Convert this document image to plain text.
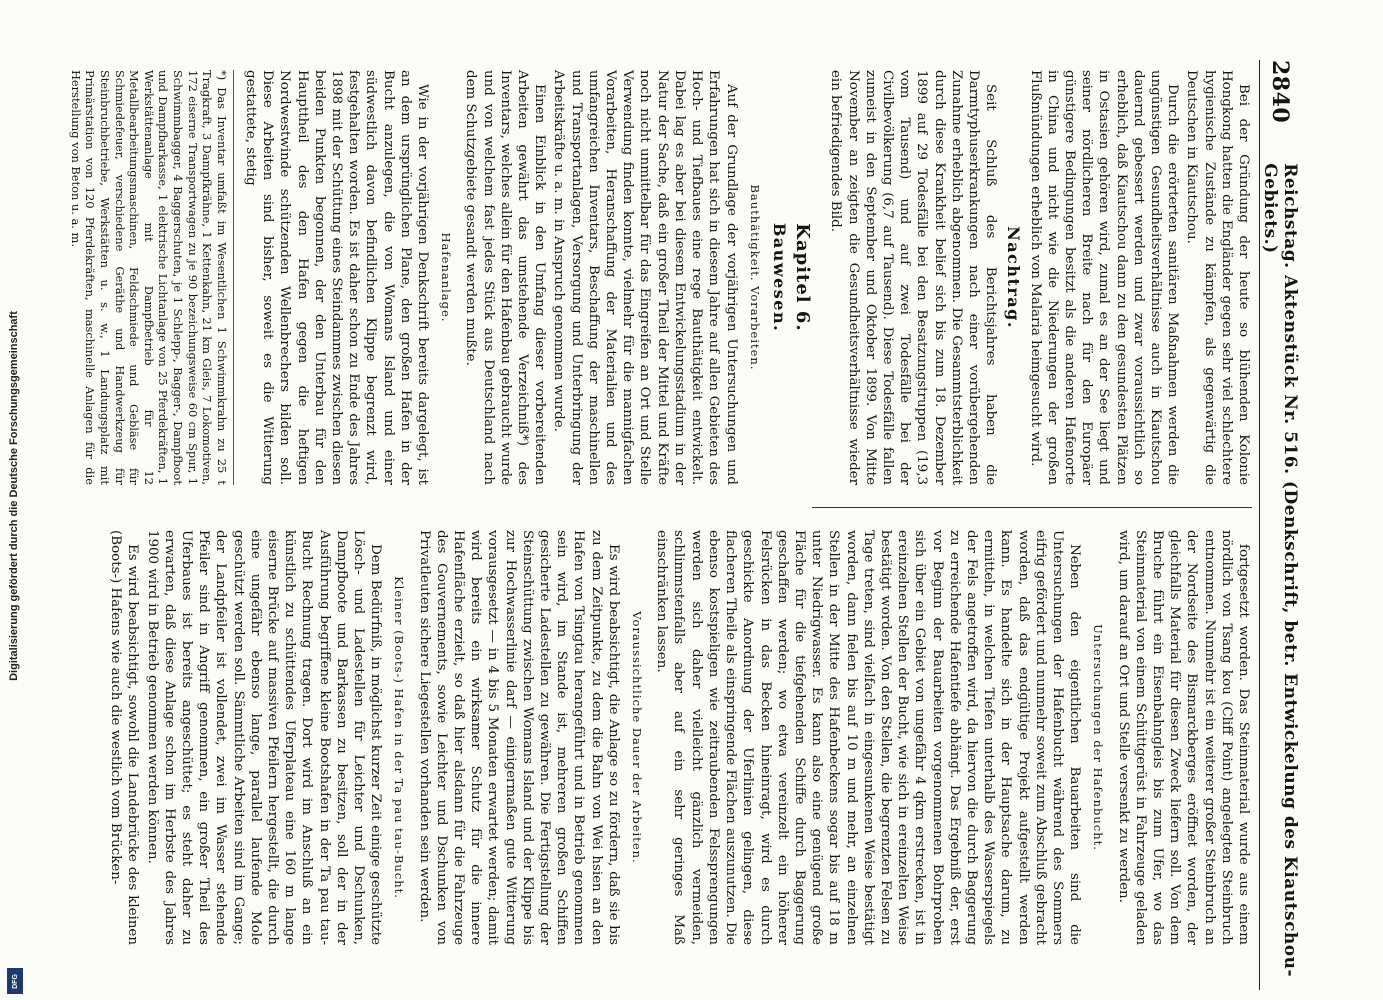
2840
Reichstag. Aktenstück Nr. 516. (Denkschrift, betr. Entwickelung des Kiautschou-Gebiets.)

Bei der Gründung der heute so blühenden Kolonie Hongkong hatten die Engländer gegen sehr viel schlechtere hygienische Zustände zu kämpfen, als gegenwärtig die Deutschen in Kiautschou.

Durch die erörterten sanitären Maßnahmen werden die ungünstigen Gesundheitsverhältnisse auch in Kiautschou dauernd gebessert werden und zwar voraussichtlich so erheblich, daß Kiautschou dann zu den gesundesten Plätzen in Ostasien gehören wird, zumal es an der See liegt und seiner nördlicheren Breite nach für den Europäer günstigere Bedingungen besitzt als die anderen Hafenorte in China und nicht wie die Niederungen der großen Flußmündungen erheblich von Malaria heimgesucht wird.

Nachtrag.

Seit Schluß des Berichtsjahres haben die Darmtyphuserkrankungen nach einer vorübergehenden Zunahme erheblich abgenommen. Die Gesammtsterblichkeit durch diese Krankheit belief sich bis zum 18. Dezember 1899 auf 29 Todesfälle bei den Besatzungstruppen (19,3 vom Tausend) und auf zwei Todesfälle bei der Civilbevölkerung (6,7 auf Tausend). Diese Todesfälle fallen zumeist in den September und Oktober 1899. Von Mitte November an zeigten die Gesundheitsverhältnisse wieder ein befriedigendes Bild.

Kapitel 6.
Bauwesen.
Bauthätigkeit. Vorarbeiten.

Auf der Grundlage der vorjährigen Untersuchungen und Erfahrungen hat sich in diesem Jahre auf allen Gebieten des Hoch- und Tiefbaues eine rege Bauthätigkeit entwickelt. Dabei lag es aber bei diesem Entwickelungsstadium in der Natur der Sache, daß ein großer Theil der Mittel und Kräfte noch nicht unmittelbar für das Eingreifen an Ort und Stelle Verwendung finden konnte, vielmehr für die mannigfachen Vorarbeiten, Heranschaffung der Materialien und des umfangreichen Inventars, Beschaffung der maschinellen und Transportanlagen, Versorgung und Unterbringung der Arbeitskräfte u. a. m. in Anspruch genommen wurde.

Einen Einblick in den Umfang dieser vorbereitenden Arbeiten gewährt das umstehende Verzeichniß*) des Inventars, welches allein für den Hafenbau gebraucht wurde und von welchem fast jedes Stück aus Deutschland nach dem Schutzgebiete gesandt werden mußte.

Hafenanlage.

Wie in der vorjährigen Denkschrift bereits dargelegt, ist an dem ursprünglichen Plane, den großen Hafen in der Bucht anzulegen, die von Womans Island und einer südwestlich davon befindlichen Klippe begrenzt wird, festgehalten worden. Es ist daher schon zu Ende des Jahres 1898 mit der Schüttung eines Steindammes zwischen diesen beiden Punkten begonnen, der den Unterbau für den Haupttheil des den Hafen gegen die heftigen Nordwestwinde schützenden Wellenbrechers bilden soll. Diese Arbeiten sind bisher, soweit es die Witterung gestattete, stetig

*) Das Inventar umfaßt im Wesentlichen 1 Schwimmkrahn zu 25 t Tragkraft, 3 Dampfkrähne, 1 Kettenkahn, 21 km Gleis, 7 Lokomotiven, 172 eiserne Transportwagen zu je 90 bezeichungsweise 60 cm Spur, 1 Schwimmbagger, 4 Baggerschuten, je 1 Schlepp-, Bagger-, Dampfboot und Dampfbarkasse, 1 elektrische Lichtanlage von 25 Pferdekräften, 1 Werkstättenanlage mit Dampfbetrieb für 12 Metallbearbeitungsmaschinen, Feldschmiede und Gebläse für Schmiedefeuer, verschiedene Geräthe und Handwerkzeug für Steinbruchbetriebe, Werkstätten u. s. w., 1 Landungsplatz mit Primärstation von 120 Pferdekräften, maschinelle Anlagen für die Herstellung von Beton u. a. m.

fortgesetzt worden. Das Steinmaterial wurde aus einem nördlich von Tsang kou (Cliff Point) angelegten Steinbruch entnommen. Nunmehr ist ein weiterer großer Steinbruch an der Nordseite des Bismarckberges eröffnet worden, der gleichfalls Material für diesen Zweck liefern soll. Von dem Bruche führt ein Eisenbahngleis bis zum Ufer, wo das Steinmaterial von einem Schüttgerüst in Fahrzeuge geladen wird, um darauf an Ort und Stelle versenkt zu werden.

Untersuchungen der Hafenbucht.

Neben den eigentlichen Bauarbeiten sind die Untersuchungen der Hafenbucht während des Sommers eifrig gefördert und nunmehr soweit zum Abschluß gebracht worden, daß das endgültige Projekt aufgestellt werden kann. Es handelte sich in der Hauptsache darum, zu ermitteln, in welchen Tiefen unterhalb des Wasserspiegels der Fels angetroffen wird, da hiervon die durch Baggerung zu erreichende Hafentiefe abhängt. Das Ergebniß der, erst vor Beginn der Bauarbeiten vorgenommenen Bohrproben sich über ein Gebiet von ungefähr 4 qkm erstrecken, ist in ereinzelnen Stellen der Bucht, wie sich in ereinzelten Weise bestätigt worden. Von den Stellen, die begrenzten Felsen zu Tage treten, sind vielfach in eingesunkenen Weise bestätigt worden, dann fielen bis auf 10 m und mehr, an einzelnen Stellen in der Mitte des Hafenbeckens sogar bis auf 18 m unter Niedrigwasser. Es kann also eine genügend große Fläche für die tiefgehenden Schiffe durch Baggerung geschaffen werden; wo etwa vereinzelt ein höherer Felsrücken in das Becken hineinragt, wird es durch geschickte Anordnung der Uferlinien gelingen, diese flacheren Theile als einspringende Flächen auszunutzen. Die ebenso kostspieligen wie zeitraubenden Felssprengungen werden sich daher vielleicht gänzlich vermeiden, schlimmstenfalls aber auf ein sehr geringes Maß einschränken lassen.

Voraussichtliche Dauer der Arbeiten.

Es wird beabsichtigt, die Anlage so zu fördern, daß sie bis zu dem Zeitpunkte, zu dem die Bahn von Wei hsien an den Hafen von Tsingtau herangeführt und in Betrieb genommen sein wird, im Stande ist, mehreren großen Schiffen gesicherte Ladestellen zu gewähren. Die Fertigstellung der Steinschüttung zwischen Womans Island und der Klippe bis zur Hochwasserlinie darf — einigermaßen gute Witterung vorausgesetzt — in 4 bis 5 Monaten erwartet werden; damit wird bereits ein wirksamer Schutz für die innere Hafenfläche erzielt, so daß hier alsdann für die Fahrzeuge des Gouvernements, sowie Leichter und Dschunken von Privatleuten sichere Liegestellen vorhanden sein werden.

Kleiner (Boots-) Hafen in der Ta pau tau-Bucht.

Dem Bedürfniß, in möglichst kurzer Zeit einige geschützte Lösch- und Ladestellen für Leichter und Dschunken, Dampfboote und Barkassen zu besitzen, soll der in der Ausführung begriffene kleine Bootshafen in der Ta pau tau-Bucht Rechnung tragen. Dort wird im Anschluß an ein künstlich zu schüttendes Uferplateau eine 160 m lange eiserne Brücke auf massiven Pfeilern hergestellt, die durch eine ungefähr ebenso lange, parallel laufende Mole geschützt werden soll. Sämmtliche Arbeiten sind im Gange; der Landpfeiler ist vollendet, zwei im Wasser stehende Pfeiler sind in Angriff genommen, ein großer Theil des Uferbaues ist bereits angeschüttet; es steht daher zu erwarten, daß diese Anlage schon im Herbste des Jahres 1900 wird in Betrieb genommen werden können.

Es wird beabsichtigt, sowohl die Landebrücke des kleinen (Boots-) Hafens wie auch die westlich vom Brücken-

Digitalisierung gefördert durch die Deutsche Forschungsgemeinschaft
DFG
